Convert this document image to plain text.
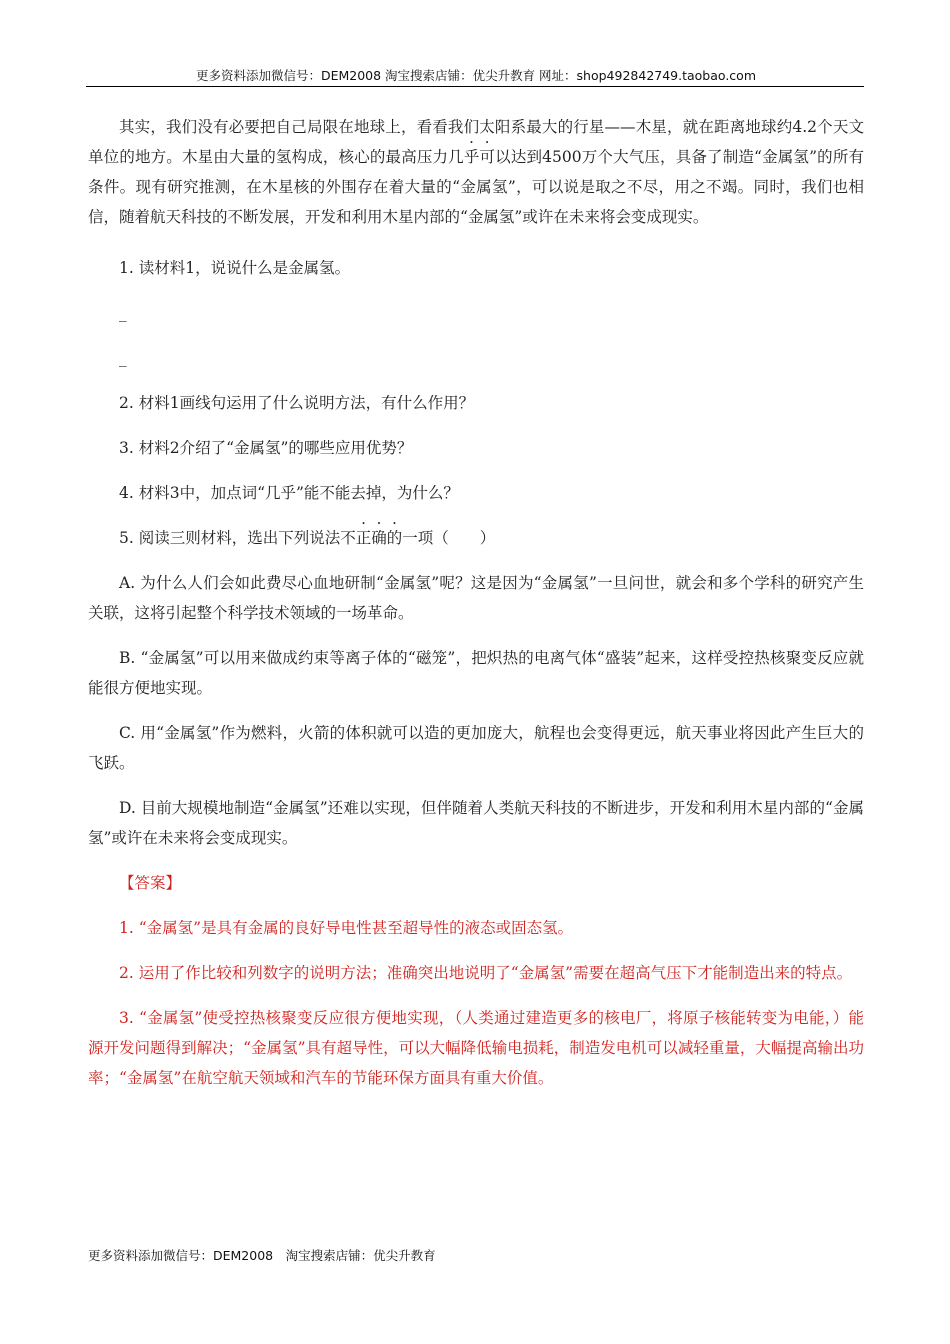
更多资料添加微信号：DEM2008 淘宝搜索店铺：优尖升教育 网址：shop492842749.taobao.com

其实，我们没有必要把自己局限在地球上，看看我们太阳系最大的行星——木星，就在距离地球约4.2个天文单位的地方。木星由大量的氢构成，核心的最高压力几乎可以达到4500万个大气压，具备了制造“金属氢”的所有条件。现有研究推测，在木星核的外围存在着大量的“金属氢”，可以说是取之不尽，用之不竭。同时，我们也相信，随着航天科技的不断发展，开发和利用木星内部的“金属氢”或许在未来将会变成现实。

1. 读材料1，说说什么是金属氢。

_

_

2. 材料1画线句运用了什么说明方法，有什么作用？

3. 材料2介绍了“金属氢”的哪些应用优势？

4. 材料3中，加点词“几乎”能不能去掉，为什么？

5. 阅读三则材料，选出下列说法不正确的一项（　　）

A. 为什么人们会如此费尽心血地研制“金属氢”呢？这是因为“金属氢”一旦问世，就会和多个学科的研究产生关联，这将引起整个科学技术领域的一场革命。

B. “金属氢”可以用来做成约束等离子体的“磁笼”，把炽热的电离气体“盛装”起来，这样受控热核聚变反应就能很方便地实现。

C. 用“金属氢”作为燃料，火箭的体积就可以造的更加庞大，航程也会变得更远，航天事业将因此产生巨大的飞跃。

D. 目前大规模地制造“金属氢”还难以实现，但伴随着人类航天科技的不断进步，开发和利用木星内部的“金属氢”或许在未来将会变成现实。

【答案】

1. “金属氢”是具有金属的良好导电性甚至超导性的液态或固态氢。

2. 运用了作比较和列数字的说明方法；准确突出地说明了“金属氢”需要在超高气压下才能制造出来的特点。

3. “金属氢”使受控热核聚变反应很方便地实现，（人类通过建造更多的核电厂，将原子核能转变为电能，）能源开发问题得到解决；“金属氢”具有超导性，可以大幅降低输电损耗，制造发电机可以减轻重量，大幅提高输出功率；“金属氢”在航空航天领域和汽车的节能环保方面具有重大价值。

更多资料添加微信号：DEM2008　淘宝搜索店铺：优尖升教育
